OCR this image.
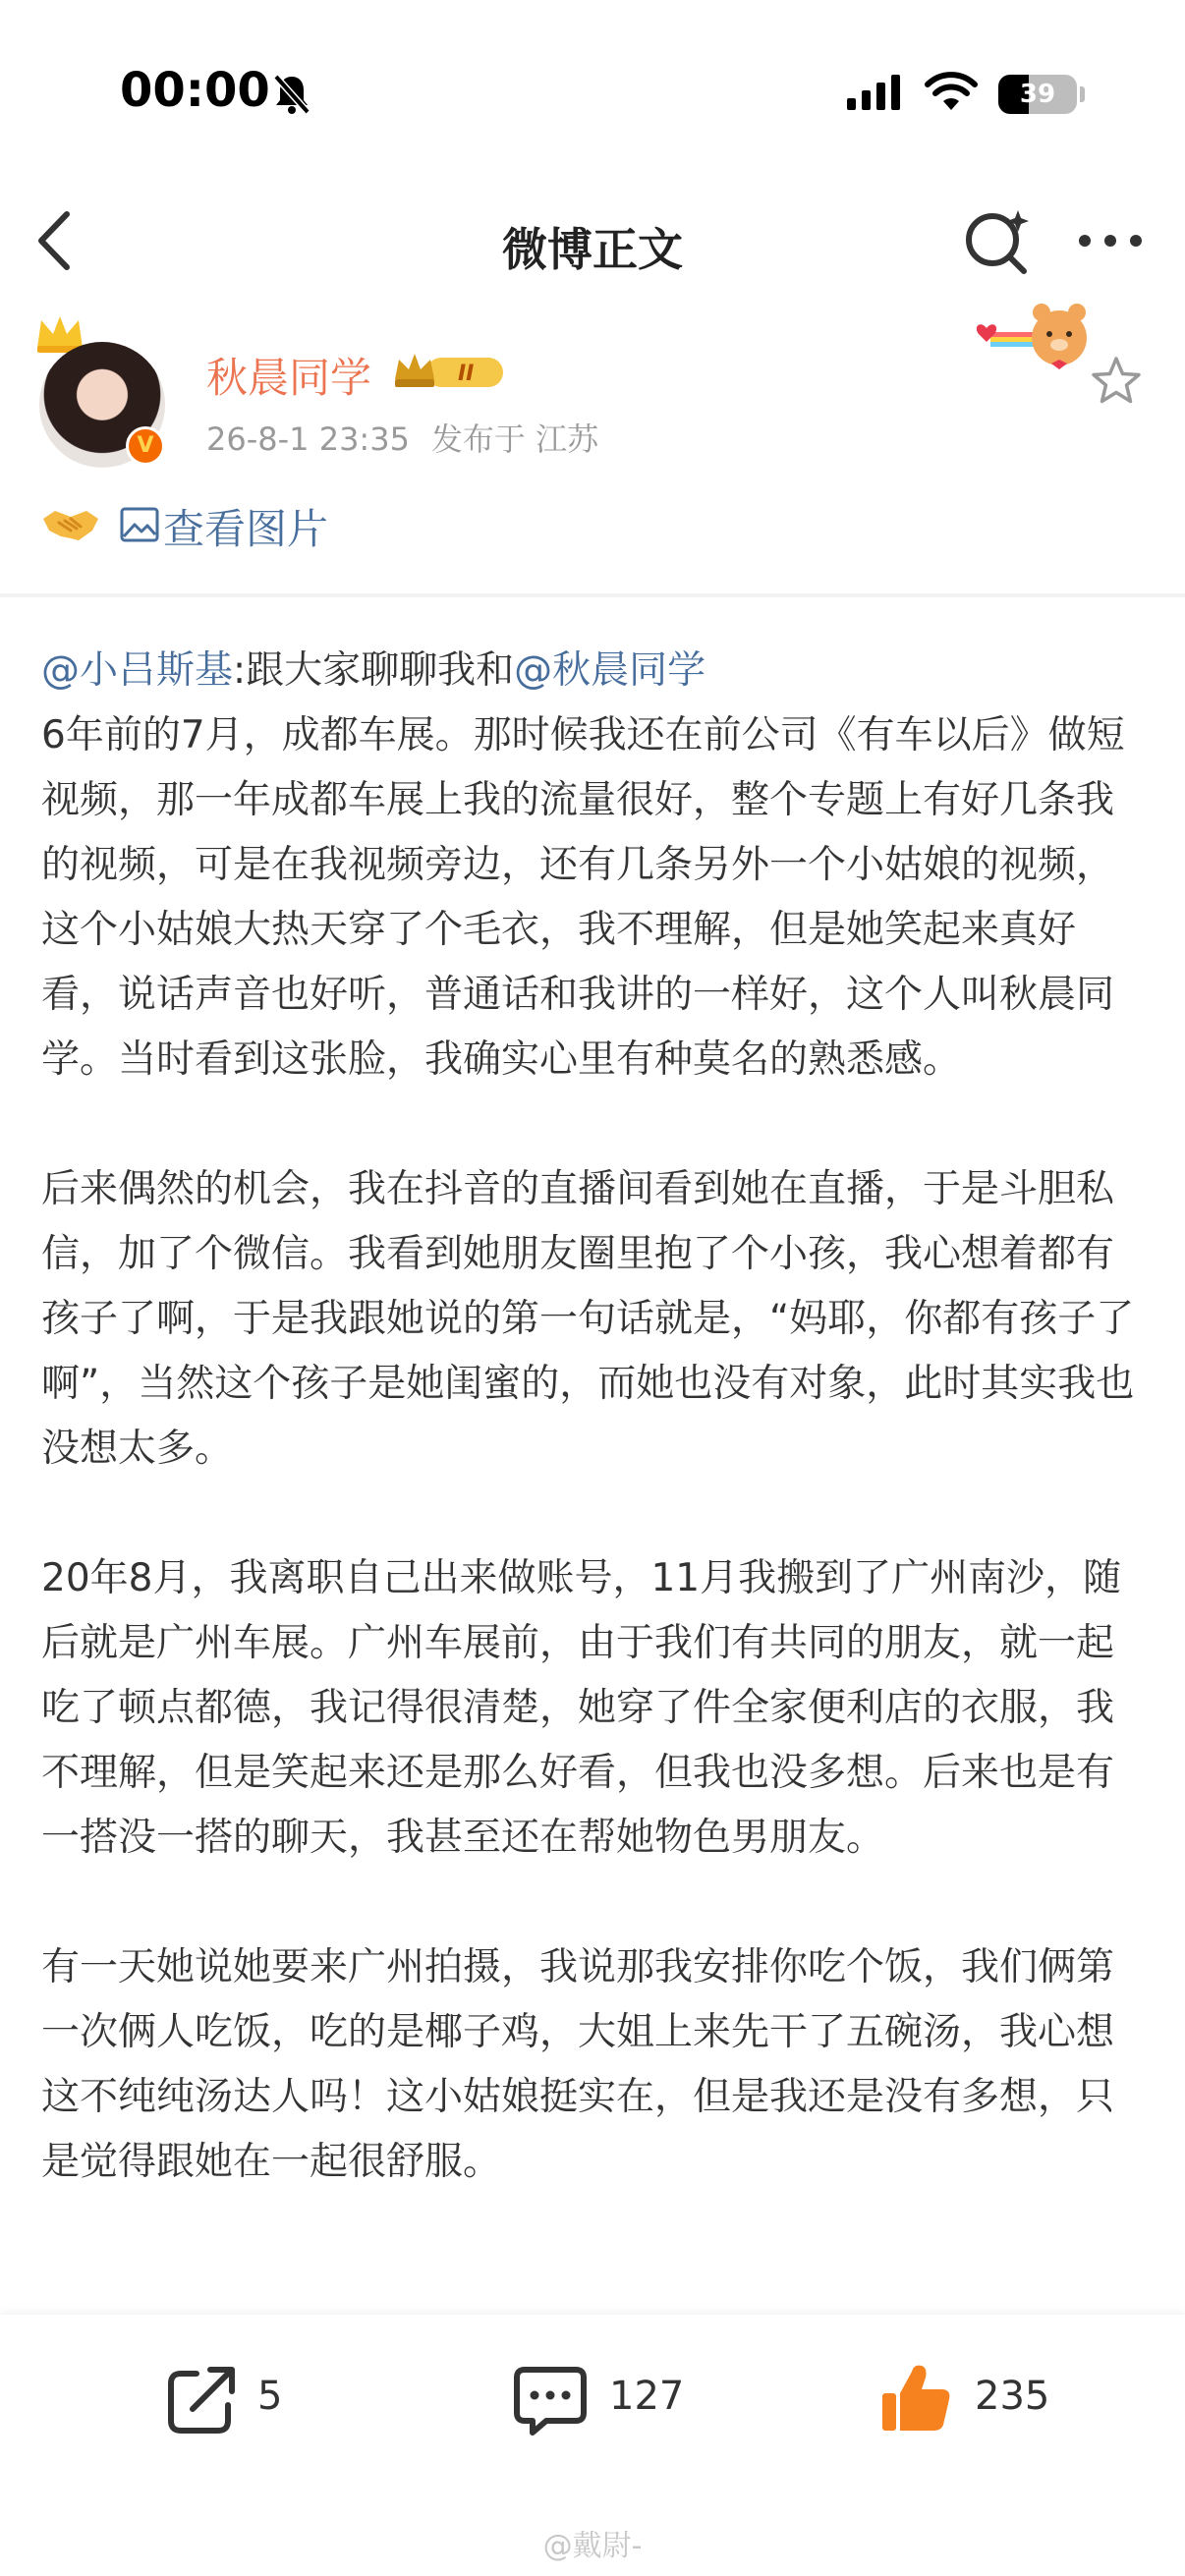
00:00	39
微博正文
V
秋晨同学	II
26-8-1 23:35 发布于 江苏
查看图片

@小吕斯基:跟大家聊聊我和@秋晨同学

6年前的7月，成都车展。那时候我还在前公司《有车以后》做短视频，那一年成都车展上我的流量很好，整个专题上有好几条我的视频，可是在我视频旁边，还有几条另外一个小姑娘的视频，这个小姑娘大热天穿了个毛衣，我不理解，但是她笑起来真好看，说话声音也好听，普通话和我讲的一样好，这个人叫秋晨同学。当时看到这张脸，我确实心里有种莫名的熟悉感。

后来偶然的机会，我在抖音的直播间看到她在直播，于是斗胆私信，加了个微信。我看到她朋友圈里抱了个小孩，我心想着都有孩子了啊，于是我跟她说的第一句话就是，“妈耶，你都有孩子了啊”，当然这个孩子是她闺蜜的，而她也没有对象，此时其实我也没想太多。

20年8月，我离职自己出来做账号，11月我搬到了广州南沙，随后就是广州车展。广州车展前，由于我们有共同的朋友，就一起吃了顿点都德，我记得很清楚，她穿了件全家便利店的衣服，我不理解，但是笑起来还是那么好看，但我也没多想。后来也是有一搭没一搭的聊天，我甚至还在帮她物色男朋友。

有一天她说她要来广州拍摄，我说那我安排你吃个饭，我们俩第一次俩人吃饭，吃的是椰子鸡，大姐上来先干了五碗汤，我心想这不纯纯汤达人吗！这小姑娘挺实在，但是我还是没有多想，只是觉得跟她在一起很舒服。

5	127	235
@戴尉-
